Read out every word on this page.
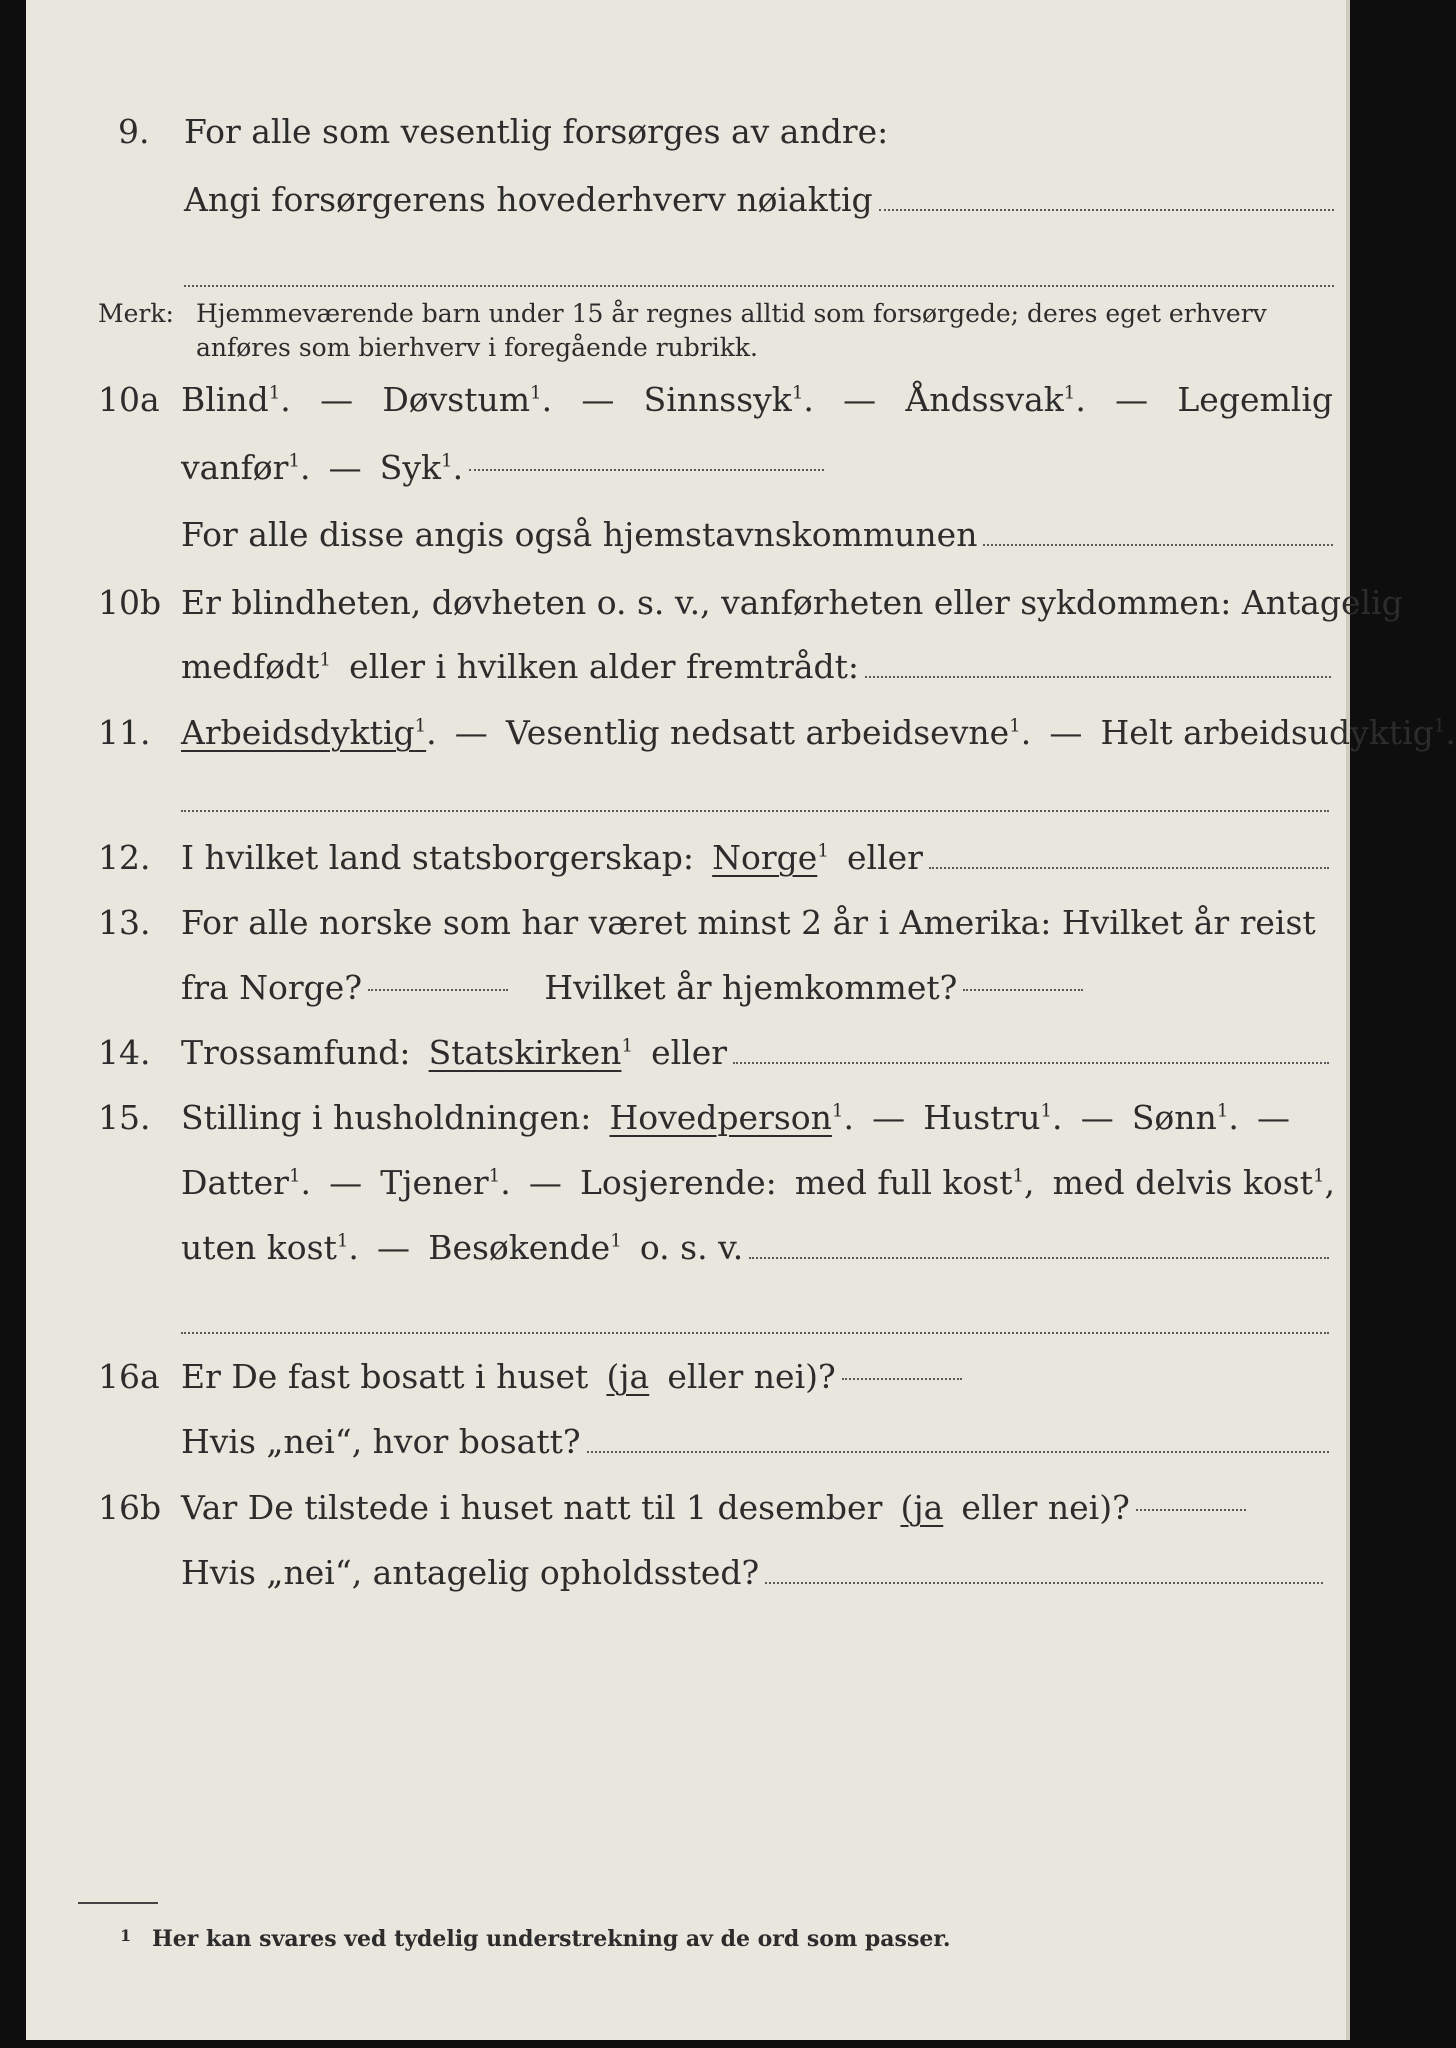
9. For alle som vesentlig forsørges av andre:
Angi forsørgerens hovederhverv nøiaktig
Merk: Hjemmeværende barn under 15 år regnes alltid som forsørgede; deres eget erhverv
anføres som bierhverv i foregående rubrikk.
10a Blind$^1$. — Døvstum$^1$. — Sinnssyk$^1$. — Åndssvak$^1$. — Legemlig
vanfør$^1$. — Syk$^1$.
For alle disse angis også hjemstavnskommunen
10b Er blindheten, døvheten o. s. v., vanførheten eller sykdommen: Antagelig
medfødt$^1$ eller i hvilken alder fremtrådt:
11. Arbeidsdyktig$^1$ . — Vesentlig nedsatt arbeidsevne$^1$. — Helt arbeidsudyktig$^1$.
12. I hvilket land statsborgerskap: Norge$^1$ eller
13. For alle norske som har været minst 2 år i Amerika: Hvilket år reist
fra Norge?	Hvilket år hjemkommet?
14. Trossamfund: Statskirken$^1$ eller
15. Stilling i husholdningen: Hovedperson$^1$. — Hustru$^1$. — Sønn$^1$. —
Datter$^1$. — Tjener$^1$. — Losjerende: med full kost$^1$, med delvis kost$^1$,
uten kost$^1$. — Besøkende$^1$ o. s. v.
16a Er De fast bosatt i huset (ja eller nei)?
Hvis „nei“, hvor bosatt?
16b Var De tilstede i huset natt til 1 desember (ja eller nei)?
Hvis „nei“, antagelig opholdssted?
1 Her kan svares ved tydelig understrekning av de ord som passer.
